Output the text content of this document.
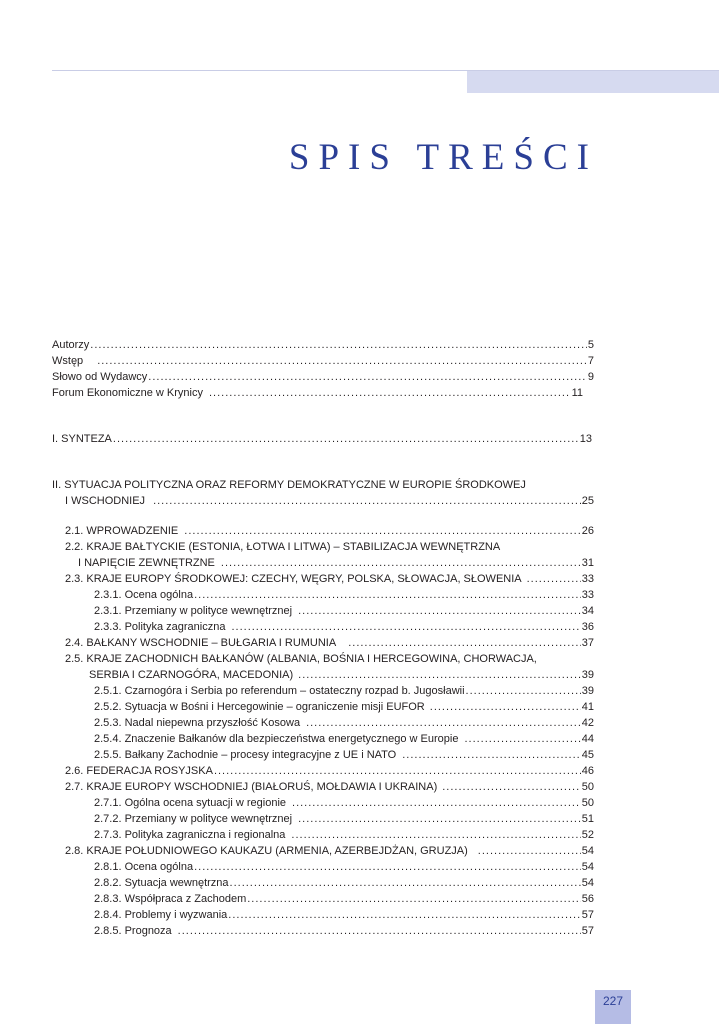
SPIS TREŚCI
Autorzy .....	5
Wstęp .....	7
Słowo od Wydawcy .....	9
Forum Ekonomiczne w Krynicy .....	11
I. SYNTEZA .....	13
II. SYTUACJA POLITYCZNA ORAZ REFORMY DEMOKRATYCZNE W EUROPIE ŚRODKOWEJ
I WSCHODNIEJ .....	25
2.1. WPROWADZENIE .....	26
2.2. KRAJE BAŁTYCKIE (ESTONIA, ŁOTWA I LITWA) – STABILIZACJA WEWNĘTRZNA
I NAPIĘCIE ZEWNĘTRZNE .....	31
2.3. KRAJE EUROPY ŚRODKOWEJ: CZECHY, WĘGRY, POLSKA, SŁOWACJA, SŁOWENIA .....	33
2.3.1. Ocena ogólna .....	33
2.3.1. Przemiany w polityce wewnętrznej .....	34
2.3.3. Polityka zagraniczna .....	36
2.4. BAŁKANY WSCHODNIE – BUŁGARIA I RUMUNIA .....	37
2.5. KRAJE ZACHODNICH BAŁKANÓW (ALBANIA, BOŚNIA I HERCEGOWINA, CHORWACJA,
SERBIA I CZARNOGÓRA, MACEDONIA) .....	39
2.5.1. Czarnogóra i Serbia po referendum – ostateczny rozpad b. Jugosławii .....	39
2.5.2. Sytuacja w Bośni i Hercegowinie – ograniczenie misji EUFOR .....	41
2.5.3. Nadal niepewna przyszłość Kosowa .....	42
2.5.4. Znaczenie Bałkanów dla bezpieczeństwa energetycznego w Europie .....	44
2.5.5. Bałkany Zachodnie – procesy integracyjne z UE i NATO .....	45
2.6. FEDERACJA ROSYJSKA .....	46
2.7. KRAJE EUROPY WSCHODNIEJ (BIAŁORUŚ, MOŁDAWIA I UKRAINA) .....	50
2.7.1. Ogólna ocena sytuacji w regionie .....	50
2.7.2. Przemiany w polityce wewnętrznej .....	51
2.7.3. Polityka zagraniczna i regionalna .....	52
2.8. KRAJE POŁUDNIOWEGO KAUKAZU (ARMENIA, AZERBEJDŻAN, GRUZJA) .....	54
2.8.1. Ocena ogólna .....	54
2.8.2. Sytuacja wewnętrzna .....	54
2.8.3. Współpraca z Zachodem .....	56
2.8.4. Problemy i wyzwania .....	57
2.8.5. Prognoza .....	57
227
